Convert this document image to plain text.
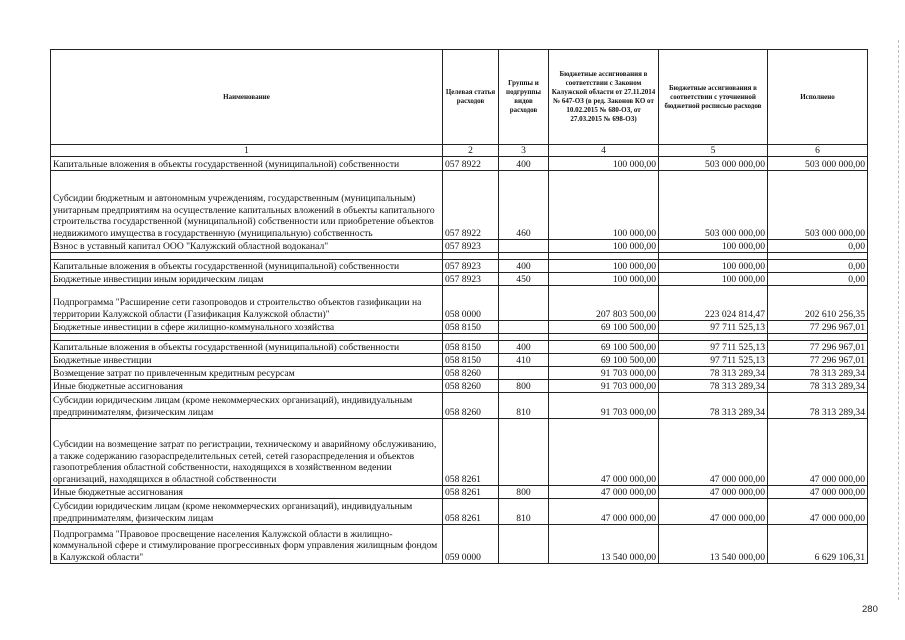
Наименование	Целевая статья расходов	Группы и подгруппы видов расходов	Бюджетные ассигнования в соответствии с Законом Калужской области от 27.11.2014 № 647-ОЗ (в ред. Законов КО от 10.02.2015 № 680-ОЗ, от 27.03.2015 № 698-ОЗ)	Бюджетные ассигнования в соответствии с уточненной бюджетной росписью расходов	Исполнено
1	2	3	4	5	6
Капитальные вложения в объекты государственной (муниципальной) собственности	057 8922	400	100 000,00	503 000 000,00	503 000 000,00
Субсидии бюджетным и автономным учреждениям, государственным (муниципальным) унитарным предприятиям на осуществление капитальных вложений в объекты капитального строительства государственной (муниципальной) собственности или приобретение объектов недвижимого имущества в государственную (муниципальную) собственность	057 8922	460	100 000,00	503 000 000,00	503 000 000,00
Взнос в уставный капитал ООО "Калужский областной водоканал"	057 8923		100 000,00	100 000,00	0,00

Капитальные вложения в объекты государственной (муниципальной) собственности	057 8923	400	100 000,00	100 000,00	0,00
Бюджетные инвестиции иным юридическим лицам	057 8923	450	100 000,00	100 000,00	0,00
Подпрограмма "Расширение сети газопроводов и строительство объектов газификации на территории Калужской области (Газификация Калужской области)"	058 0000		207 803 500,00	223 024 814,47	202 610 256,35
Бюджетные инвестиции в сфере жилищно-коммунального хозяйства	058 8150		69 100 500,00	97 711 525,13	77 296 967,01

Капитальные вложения в объекты государственной (муниципальной) собственности	058 8150	400	69 100 500,00	97 711 525,13	77 296 967,01
Бюджетные инвестиции	058 8150	410	69 100 500,00	97 711 525,13	77 296 967,01
Возмещение затрат по привлеченным кредитным ресурсам	058 8260		91 703 000,00	78 313 289,34	78 313 289,34
Иные бюджетные ассигнования	058 8260	800	91 703 000,00	78 313 289,34	78 313 289,34
Субсидии юридическим лицам (кроме некоммерческих организаций), индивидуальным предпринимателям, физическим лицам	058 8260	810	91 703 000,00	78 313 289,34	78 313 289,34
Субсидии на возмещение затрат по регистрации, техническому и аварийному обслуживанию, а также содержанию газораспределительных сетей, сетей газораспределения и объектов газопотребления областной собственности, находящихся в хозяйственном ведении организаций, находящихся в областной собственности	058 8261		47 000 000,00	47 000 000,00	47 000 000,00
Иные бюджетные ассигнования	058 8261	800	47 000 000,00	47 000 000,00	47 000 000,00
Субсидии юридическим лицам (кроме некоммерческих организаций), индивидуальным предпринимателям, физическим лицам	058 8261	810	47 000 000,00	47 000 000,00	47 000 000,00
Подпрограмма "Правовое просвещение населения Калужской области в жилищно-коммунальной сфере и стимулирование прогрессивных форм управления жилищным фондом в Калужской области"	059 0000		13 540 000,00	13 540 000,00	6 629 106,31
280
